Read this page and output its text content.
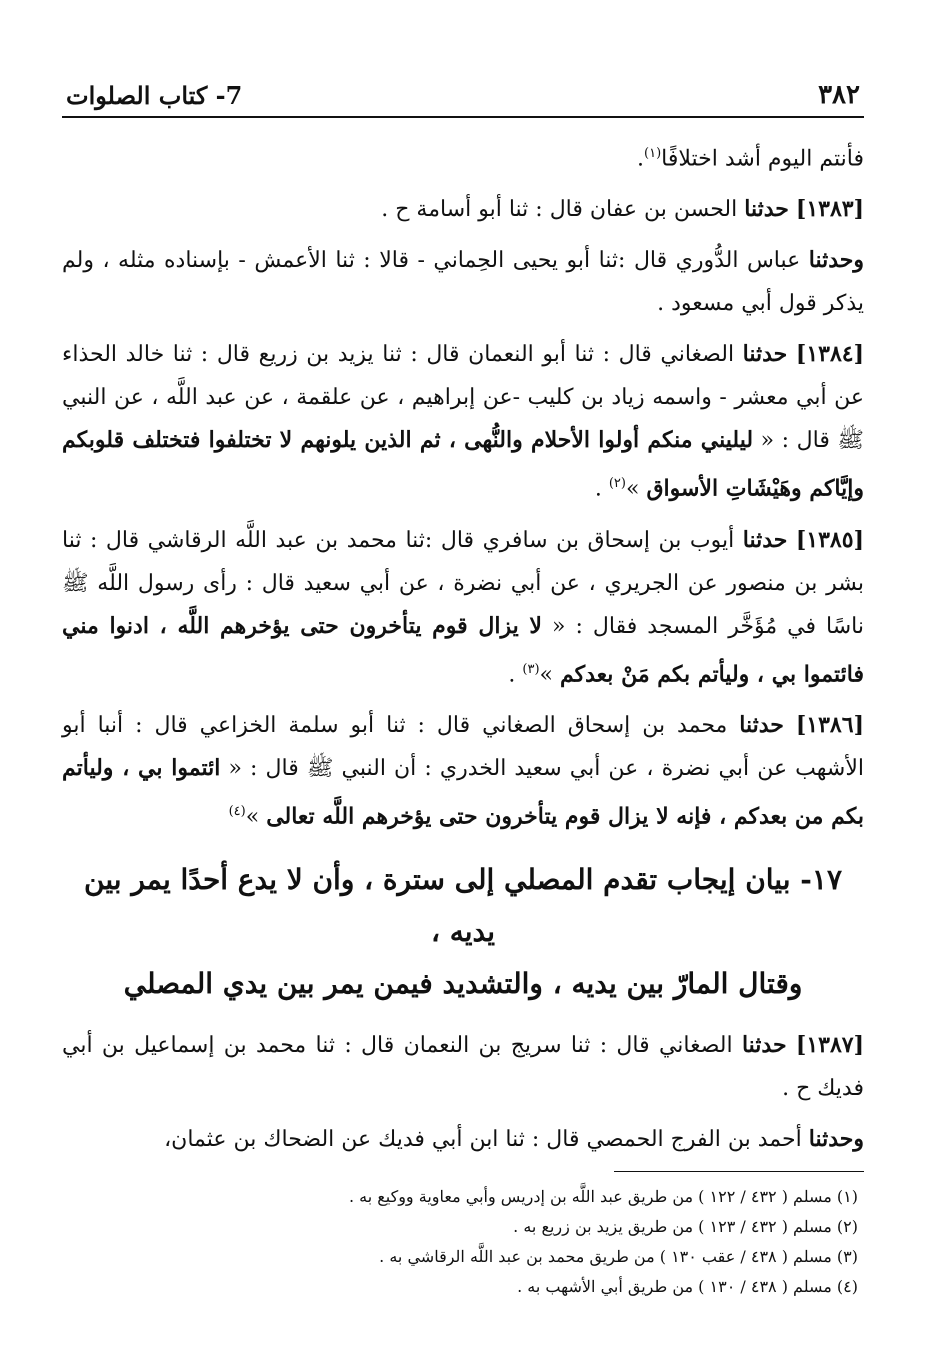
٣٨٢
7- كتاب الصلوات

فأنتم اليوم أشد اختلافًا$^{(١)}$.

[١٣٨٣] حدثنا الحسن بن عفان قال : ثنا أبو أسامة ح .

وحدثنا عباس الدُّوري قال :ثنا أبو يحيى الحِماني - قالا : ثنا الأعمش - بإسناده مثله ، ولم يذكر قول أبي مسعود .

[١٣٨٤] حدثنا الصغاني قال : ثنا أبو النعمان قال : ثنا يزيد بن زريع قال : ثنا خالد الحذاء عن أبي معشر - واسمه زياد بن كليب -عن إبراهيم ، عن علقمة ، عن عبد اللَّه ، عن النبي ﷺ قال : « ليليني منكم أولوا الأحلام والنُّهى ، ثم الذين يلونهم لا تختلفوا فتختلف قلوبكم وإيَّاكم وهَيْشَاتِ الأسواق »$^{(٢)}$ .

[١٣٨٥] حدثنا أيوب بن إسحاق بن سافري قال :ثنا محمد بن عبد اللَّه الرقاشي قال : ثنا بشر بن منصور عن الجريري ، عن أبي نضرة ، عن أبي سعيد قال : رأى رسول اللَّه ﷺ ناسًا في مُؤَخَّر المسجد فقال : « لا يزال قوم يتأخرون حتى يؤخرهم اللَّه ، ادنوا مني فائتموا بي ، وليأتم بكم مَنْ بعدكم »$^{(٣)}$ .

[١٣٨٦] حدثنا محمد بن إسحاق الصغاني قال : ثنا أبو سلمة الخزاعي قال : أنبا أبو الأشهب عن أبي نضرة ، عن أبي سعيد الخدري : أن النبي ﷺ قال : « ائتموا بي ، وليأتم بكم من بعدكم ، فإنه لا يزال قوم يتأخرون حتى يؤخرهم اللَّه تعالى »$^{(٤)}$

١٧- بيان إيجاب تقدم المصلي إلى سترة ، وأن لا يدع أحدًا يمر بين يديه ،
وقتال المارّ بين يديه ، والتشديد فيمن يمر بين يدي المصلي

[١٣٨٧] حدثنا الصغاني قال : ثنا سريج بن النعمان قال : ثنا محمد بن إسماعيل بن أبي فديك ح .

وحدثنا أحمد بن الفرج الحمصي قال : ثنا ابن أبي فديك عن الضحاك بن عثمان،

(١) مسلم ( ٤٣٢ / ١٢٢ ) من طريق عبد اللَّه بن إدريس وأبي معاوية ووكيع به .

(٢) مسلم ( ٤٣٢ / ١٢٣ ) من طريق يزيد بن زريع به .

(٣) مسلم ( ٤٣٨ / عقب ١٣٠ ) من طريق محمد بن عبد اللَّه الرقاشي به .

(٤) مسلم ( ٤٣٨ / ١٣٠ ) من طريق أبي الأشهب به .
